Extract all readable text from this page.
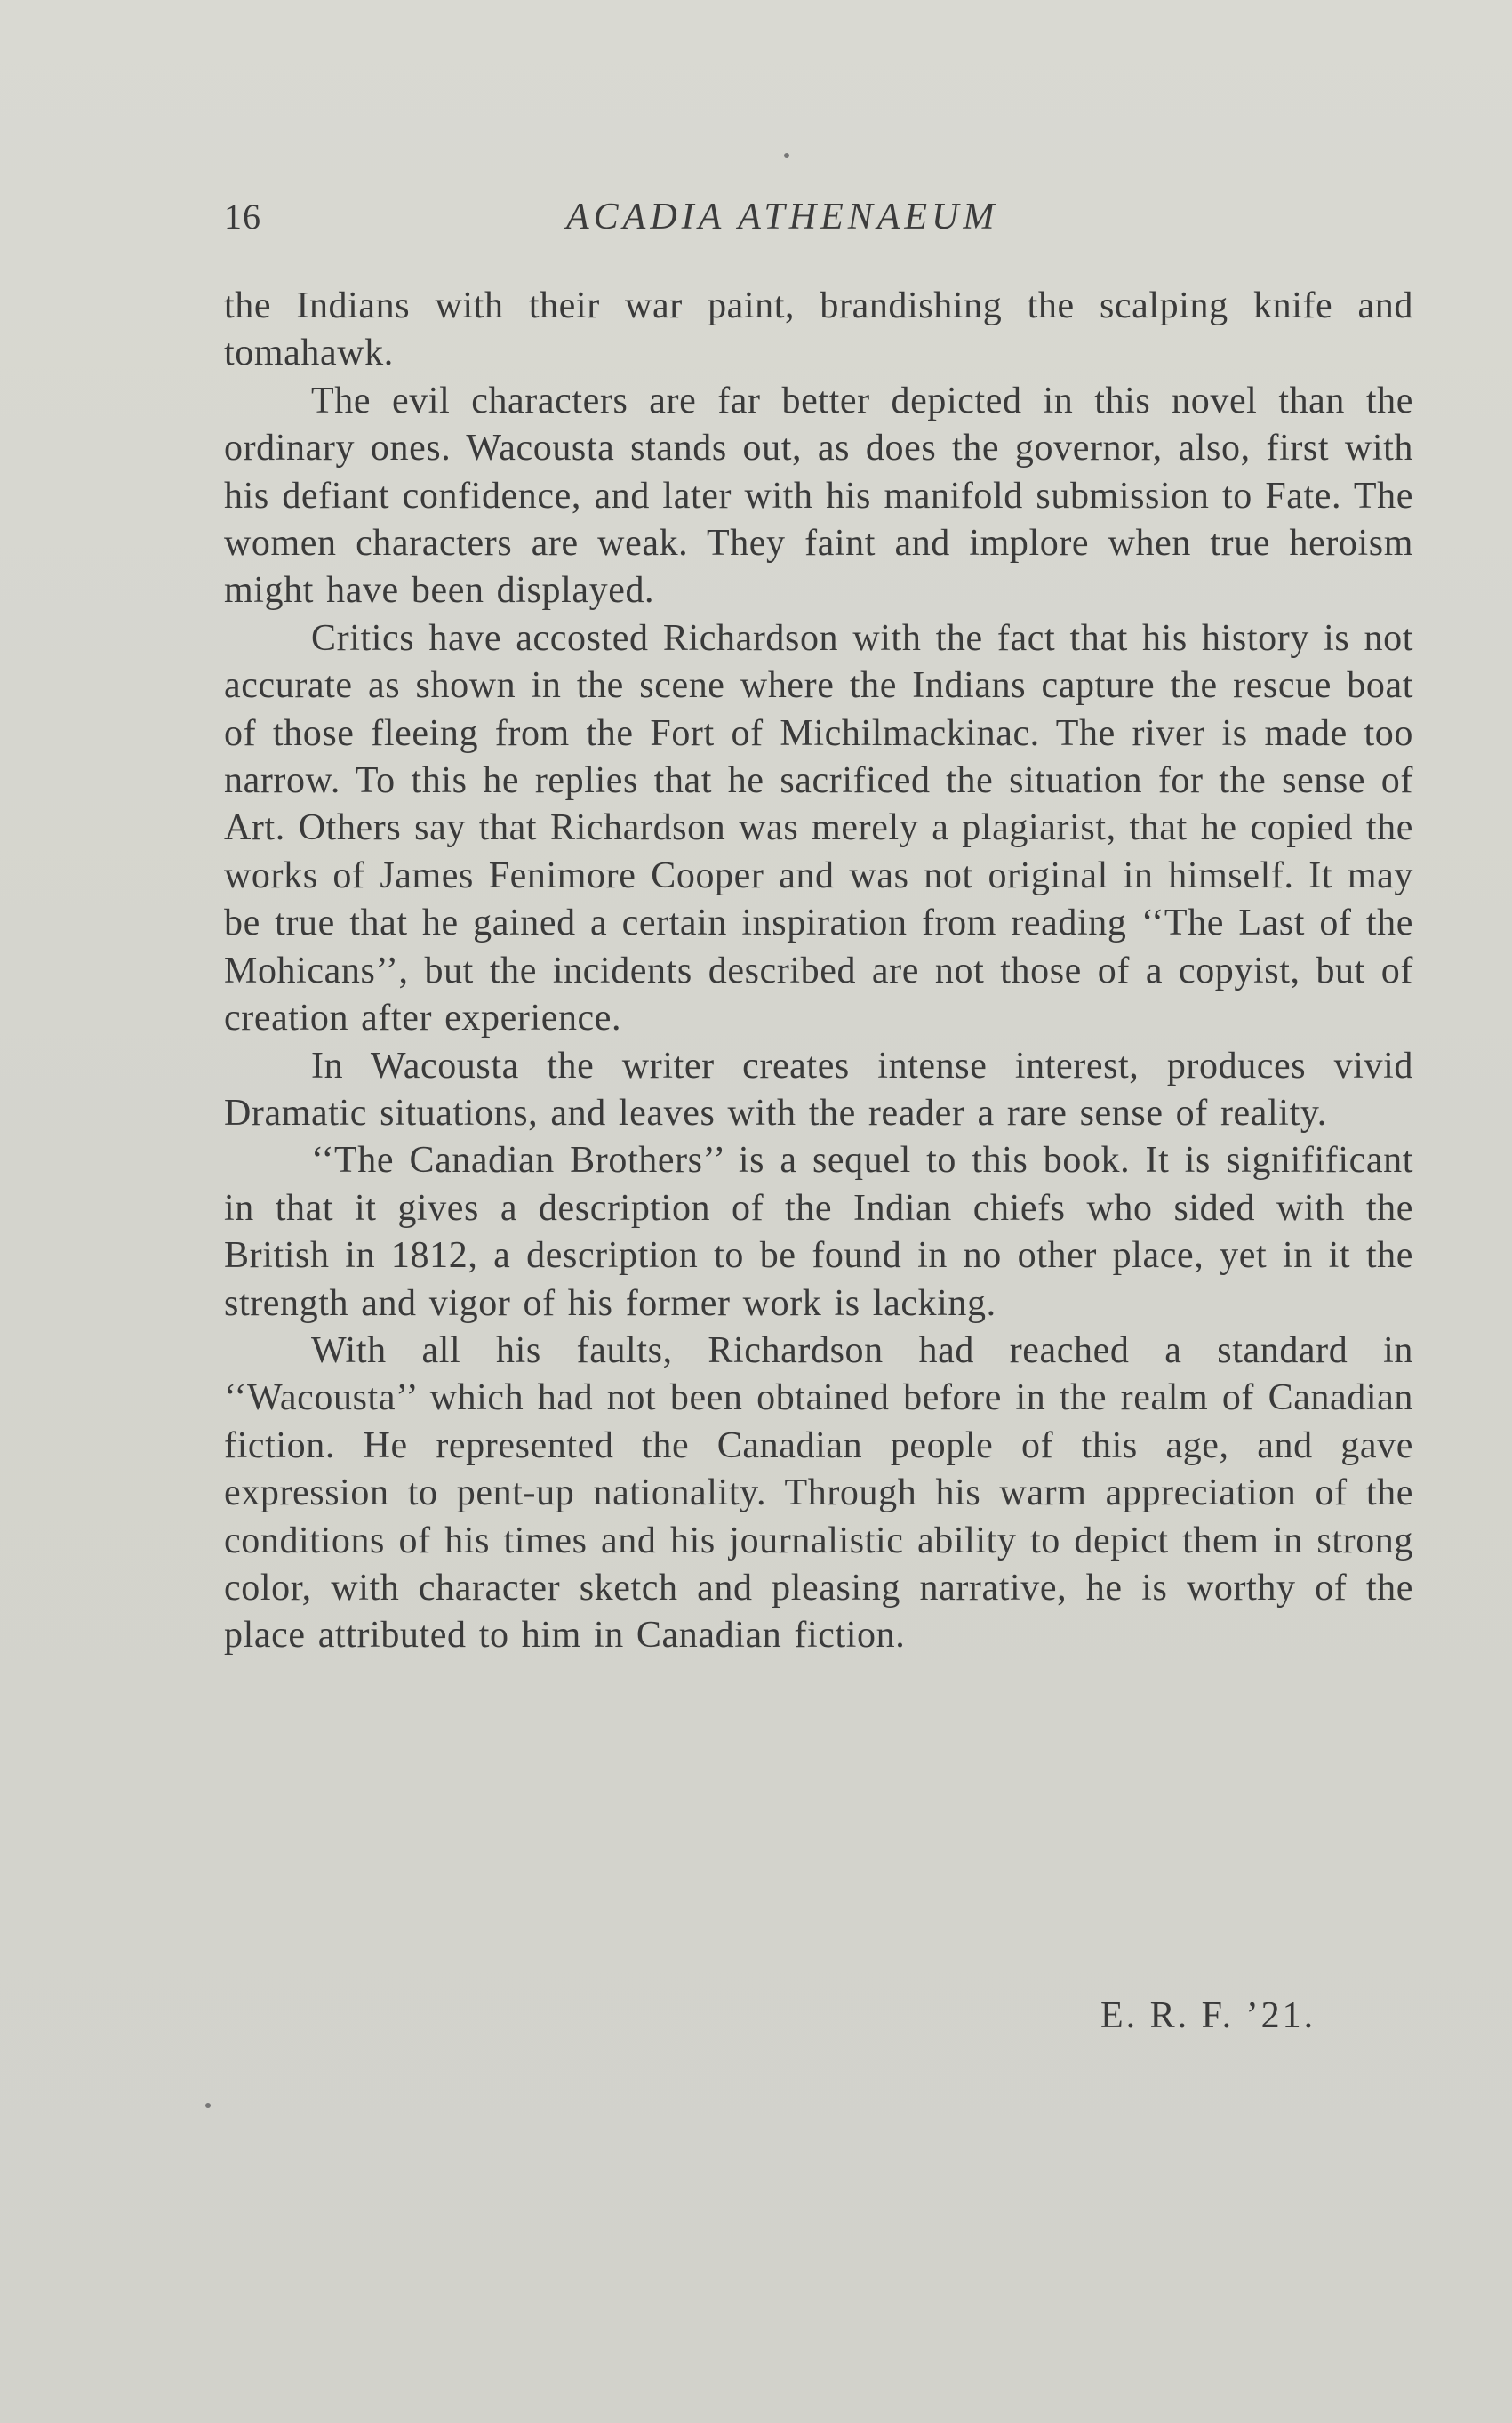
16	ACADIA ATHENAEUM

the Indians with their war paint, brandishing the scalping knife and tomahawk.

The evil characters are far better depicted in this novel than the ordinary ones. Wacousta stands out, as does the governor, also, first with his defiant confidence, and later with his manifold submission to Fate. The women characters are weak. They faint and implore when true heroism might have been displayed.

Critics have accosted Richardson with the fact that his history is not accurate as shown in the scene where the Indians capture the rescue boat of those fleeing from the Fort of Michilmackinac. The river is made too narrow. To this he replies that he sacrificed the situation for the sense of Art. Others say that Richardson was merely a plagiarist, that he copied the works of James Fenimore Cooper and was not original in himself. It may be true that he gained a certain inspiration from reading ‘‘The Last of the Mohicans’’, but the incidents described are not those of a copyist, but of creation after experience.

In Wacousta the writer creates intense interest, produces vivid Dramatic situations, and leaves with the reader a rare sense of reality.

‘‘The Canadian Brothers’’ is a sequel to this book. It is signifificant in that it gives a description of the Indian chiefs who sided with the British in 1812, a description to be found in no other place, yet in it the strength and vigor of his former work is lacking.

With all his faults, Richardson had reached a standard in ‘‘Wacousta’’ which had not been obtained before in the realm of Canadian fiction. He represented the Canadian people of this age, and gave expression to pent-up nationality. Through his warm appreciation of the conditions of his times and his journalistic ability to depict them in strong color, with character sketch and pleasing narrative, he is worthy of the place attributed to him in Canadian fiction.

E. R. F. ’21.
